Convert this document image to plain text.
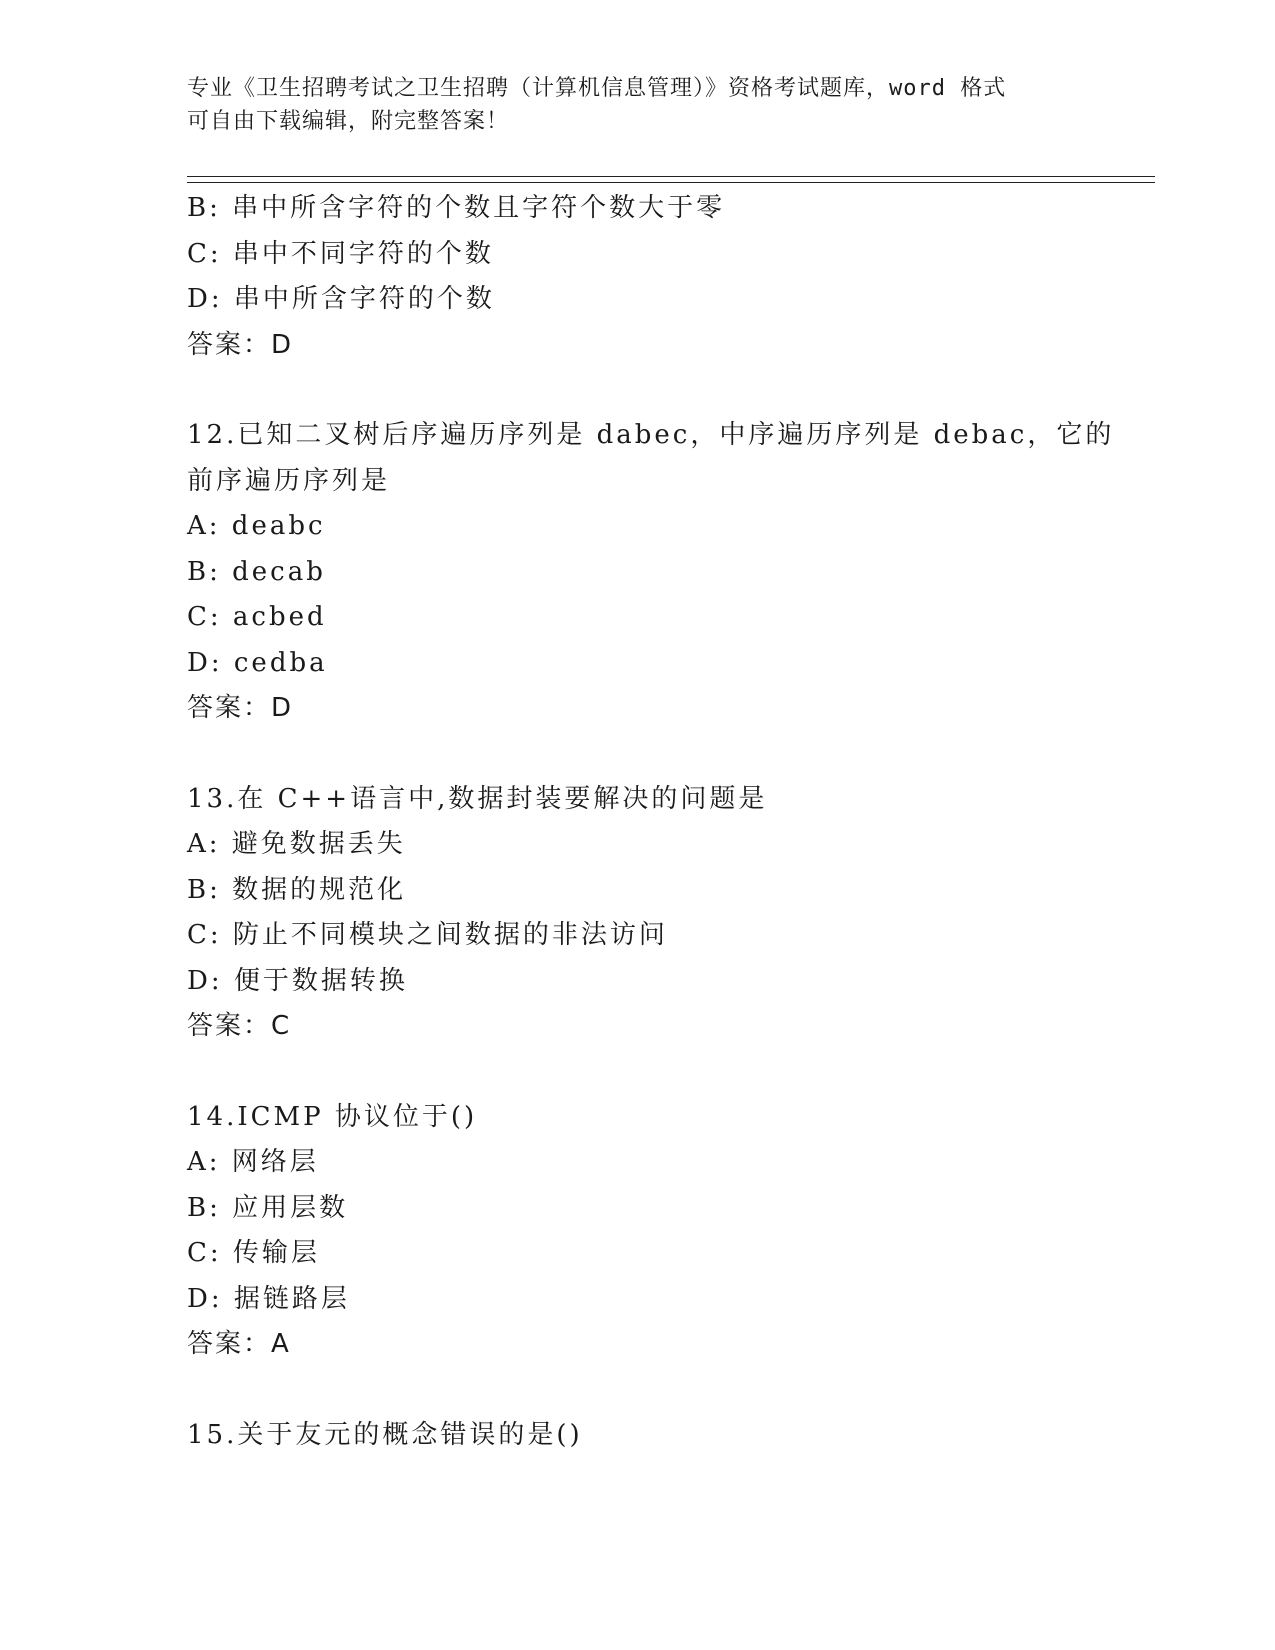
专业《卫生招聘考试之卫生招聘（计算机信息管理）》资格考试题库，word 格式
可自由下载编辑，附完整答案！
B: 串中所含字符的个数且字符个数大于零
C: 串中不同字符的个数
D: 串中所含字符的个数
答案：D
12.已知二叉树后序遍历序列是 dabec，中序遍历序列是 debac，它的
前序遍历序列是
A: deabc
B: decab
C: acbed
D: cedba
答案：D
13.在 C++语言中,数据封装要解决的问题是
A: 避免数据丢失
B: 数据的规范化
C: 防止不同模块之间数据的非法访问
D: 便于数据转换
答案：C
14.ICMP 协议位于()
A: 网络层
B: 应用层数
C: 传输层
D: 据链路层
答案：A
15.关于友元的概念错误的是()
